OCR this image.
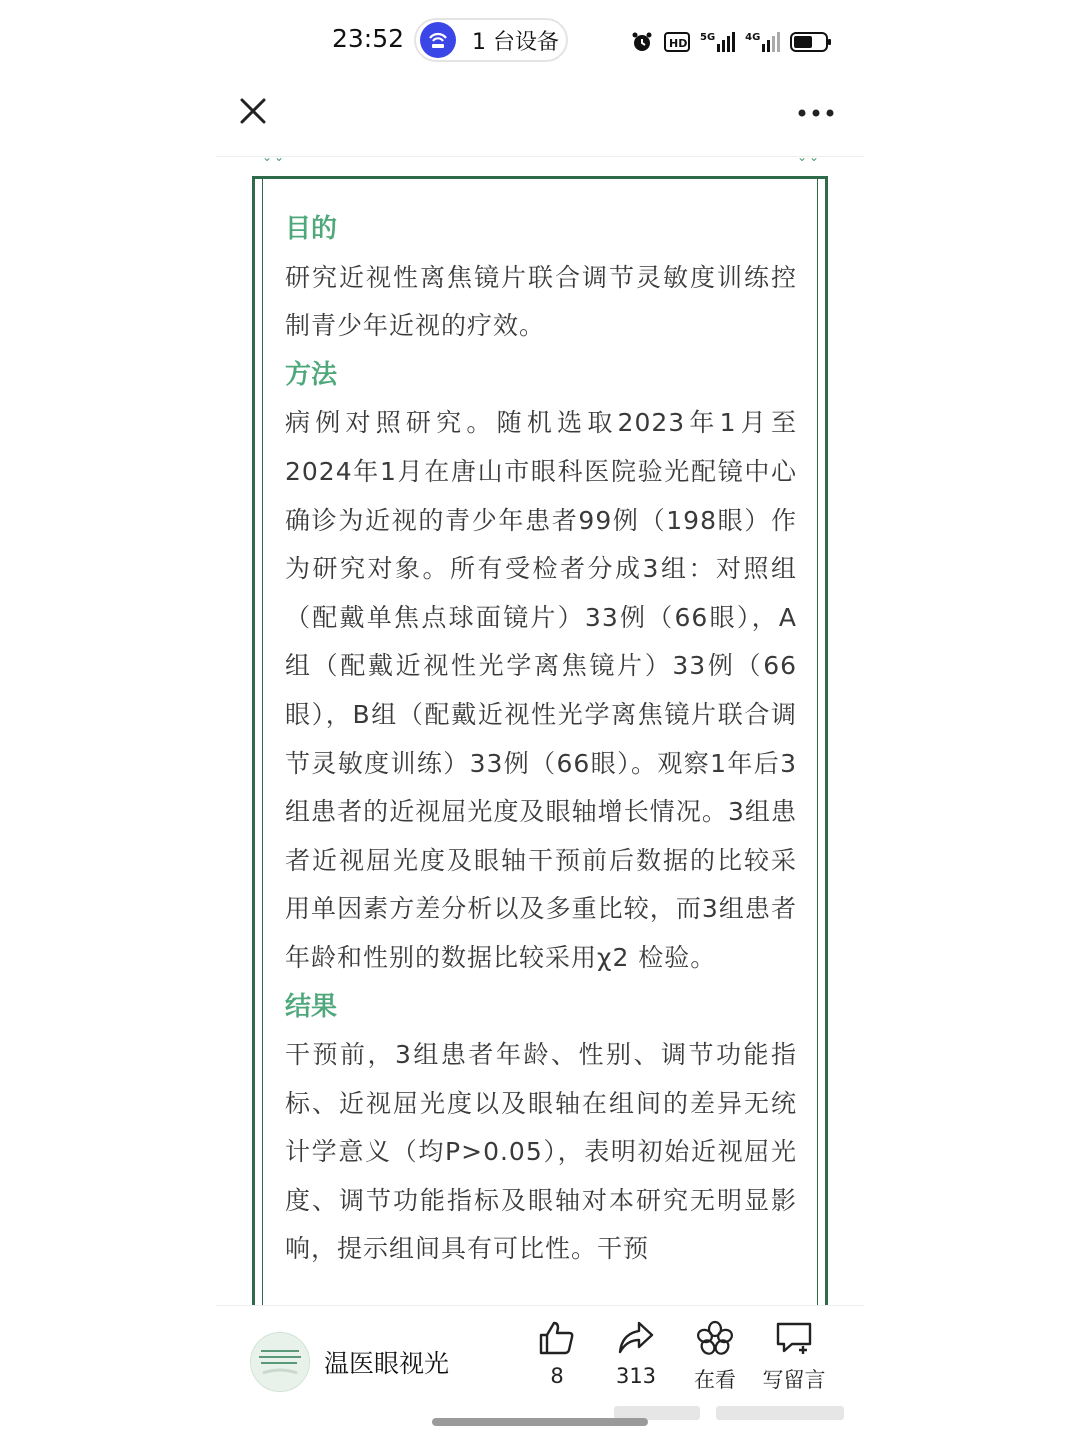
23:52	1 台设备	HD 5G	4G
⌄⌄	⌄⌄
目的

研究近视性离焦镜片联合调节灵敏度训练控制青少年近视的疗效。

方法

病例对照研究。随机选取2023年1月至2024年1月在唐山市眼科医院验光配镜中心确诊为近视的青少年患者99例（198眼）作为研究对象。所有受检者分成3组：对照组（配戴单焦点球面镜片）33例（66眼），A组（配戴近视性光学离焦镜片）33例（66眼），B组（配戴近视性光学离焦镜片联合调节灵敏度训练）33例（66眼）。观察1年后3组患者的近视屈光度及眼轴增长情况。3组患者近视屈光度及眼轴干预前后数据的比较采用单因素方差分析以及多重比较，而3组患者年龄和性别的数据比较采用χ2 检验。

结果

干预前，3组患者年龄、性别、调节功能指标、近视屈光度以及眼轴在组间的差异无统计学意义（均P>0.05），表明初始近视屈光度、调节功能指标及眼轴对本研究无明显影响，提示组间具有可比性。干预

温医眼视光	8	313	在看	写留言
